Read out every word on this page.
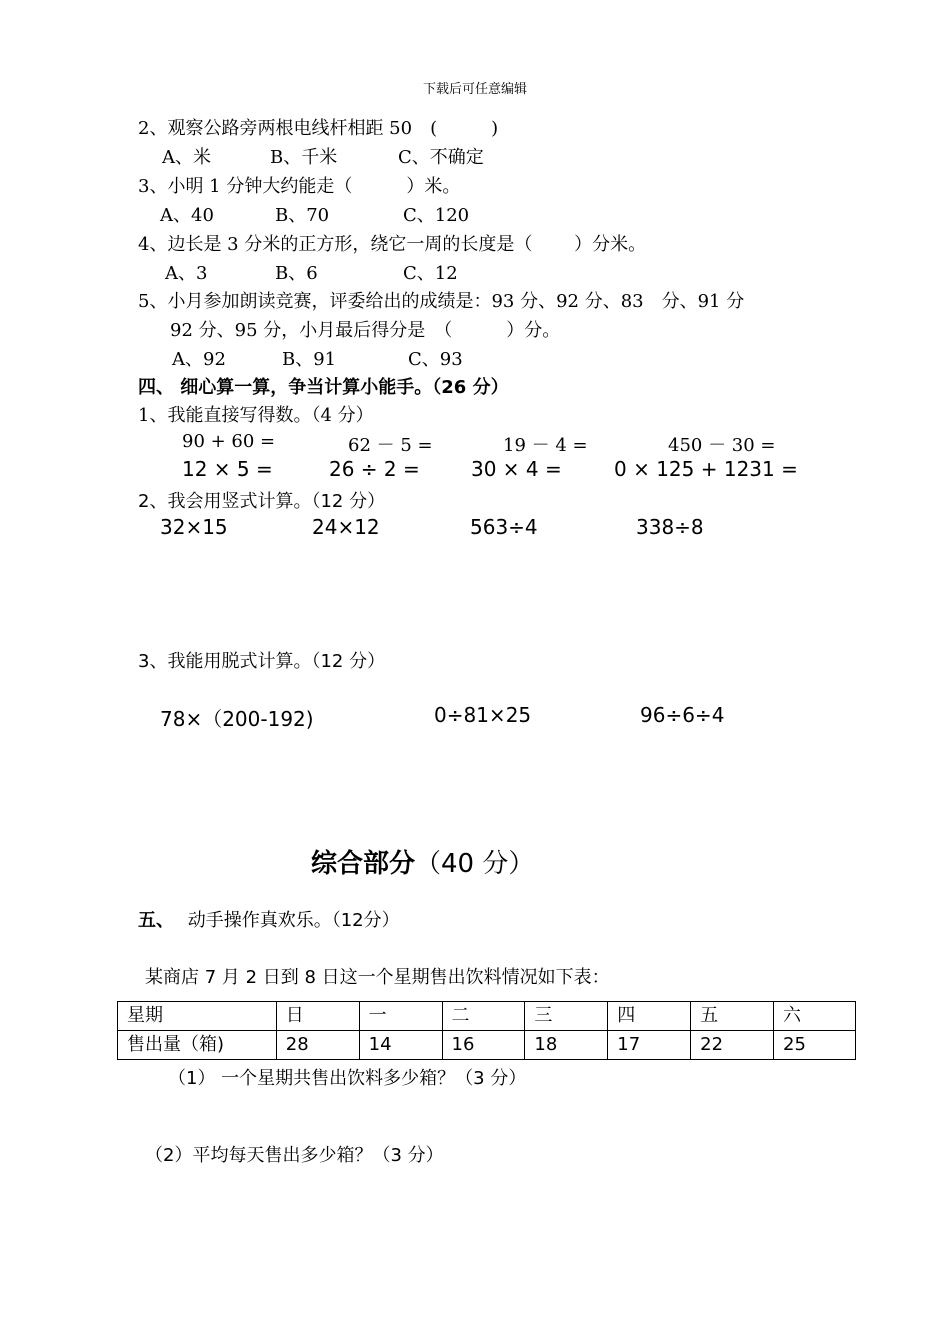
下载后可任意编辑
2、观察公路旁两根电线杆相距 50　(　　　)
A、米	B、千米	C、不确定
3、小明 1 分钟大约能走（　　　）米。
A、40	B、70	C、120
4、边长是 3 分米的正方形，绕它一周的长度是（　　 ）分米。
A、3	B、6	C、12
5、小月参加朗读竞赛，评委给出的成绩是：93 分、92 分、83　分、91 分
92 分、95 分，小月最后得分是　（　　　）分。
A、92	B、91	C、93
四、 细心算一算，争当计算小能手。（26 分）
1、我能直接写得数。（4 分）
90 + 60 =	62 － 5 =	19 － 4 =	450 － 30 =
12 × 5 =	26 ÷ 2 =	30 × 4 =	0 × 125 + 1231 =
2、我会用竖式计算。（12 分）
32×15	24×12	563÷4	338÷8
3、我能用脱式计算。（12 分）
78×（200-192)	0÷81×25	96÷6÷4
综合部分（40 分）
五、 动手操作真欢乐。（12分）
某商店 7 月 2 日到 8 日这一个星期售出饮料情况如下表：
星期	日	一	二	三	四	五	六
售出量（箱)	28	14	16	18	17	22	25
（1） 一个星期共售出饮料多少箱？（3 分）
（2）平均每天售出多少箱？（3 分）
